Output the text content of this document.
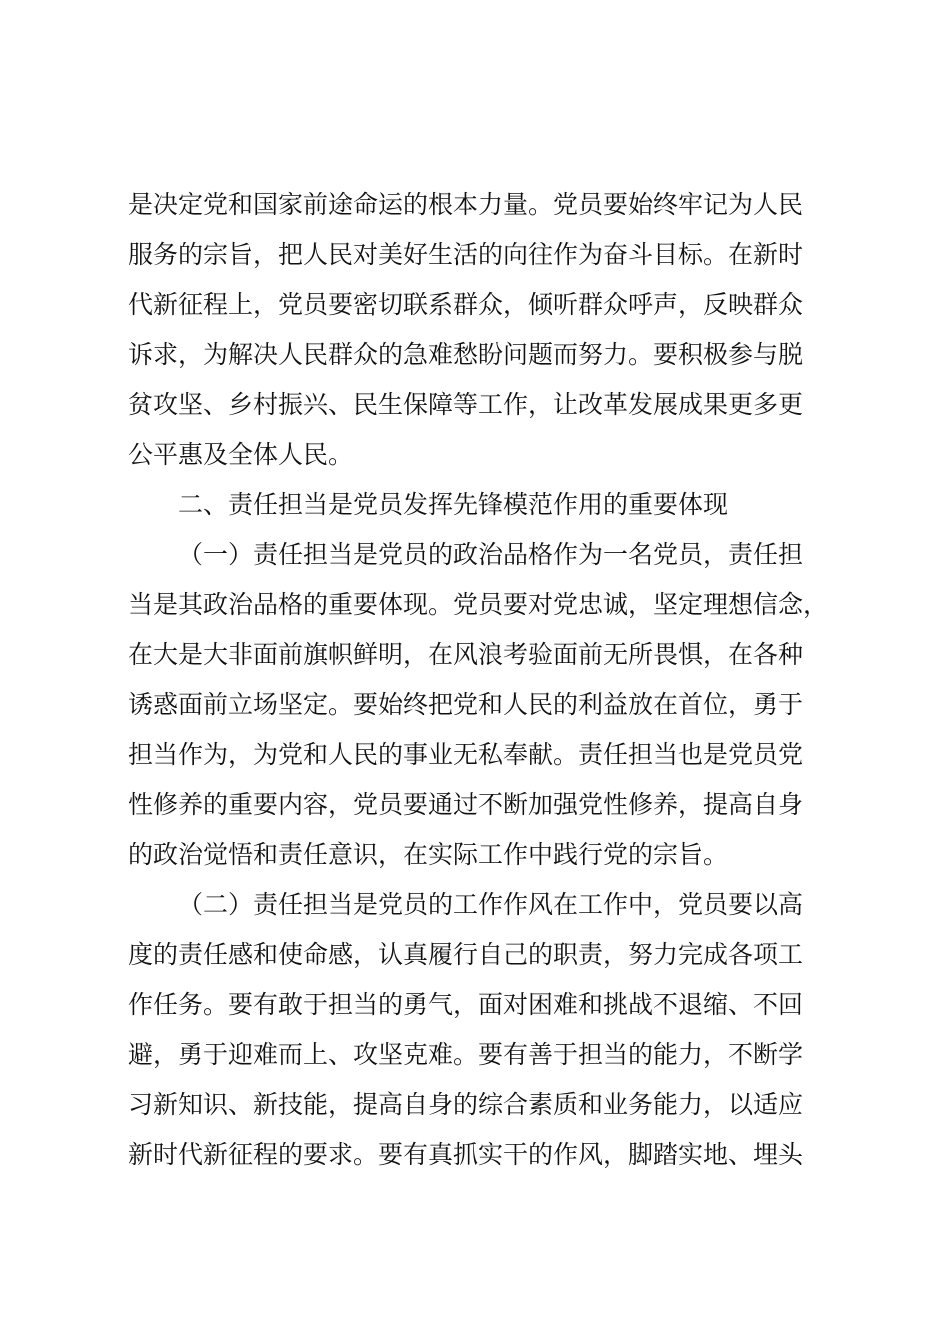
是决定党和国家前途命运的根本力量。党员要始终牢记为人民
服务的宗旨，把人民对美好生活的向往作为奋斗目标。在新时
代新征程上，党员要密切联系群众，倾听群众呼声，反映群众
诉求，为解决人民群众的急难愁盼问题而努力。要积极参与脱
贫攻坚、乡村振兴、民生保障等工作，让改革发展成果更多更
公平惠及全体人民。
二、责任担当是党员发挥先锋模范作用的重要体现
（一）责任担当是党员的政治品格作为一名党员，责任担
当是其政治品格的重要体现。党员要对党忠诚，坚定理想信念，
在大是大非面前旗帜鲜明，在风浪考验面前无所畏惧，在各种
诱惑面前立场坚定。要始终把党和人民的利益放在首位，勇于
担当作为，为党和人民的事业无私奉献。责任担当也是党员党
性修养的重要内容，党员要通过不断加强党性修养，提高自身
的政治觉悟和责任意识，在实际工作中践行党的宗旨。
（二）责任担当是党员的工作作风在工作中，党员要以高
度的责任感和使命感，认真履行自己的职责，努力完成各项工
作任务。要有敢于担当的勇气，面对困难和挑战不退缩、不回
避，勇于迎难而上、攻坚克难。要有善于担当的能力，不断学
习新知识、新技能，提高自身的综合素质和业务能力，以适应
新时代新征程的要求。要有真抓实干的作风，脚踏实地、埋头
